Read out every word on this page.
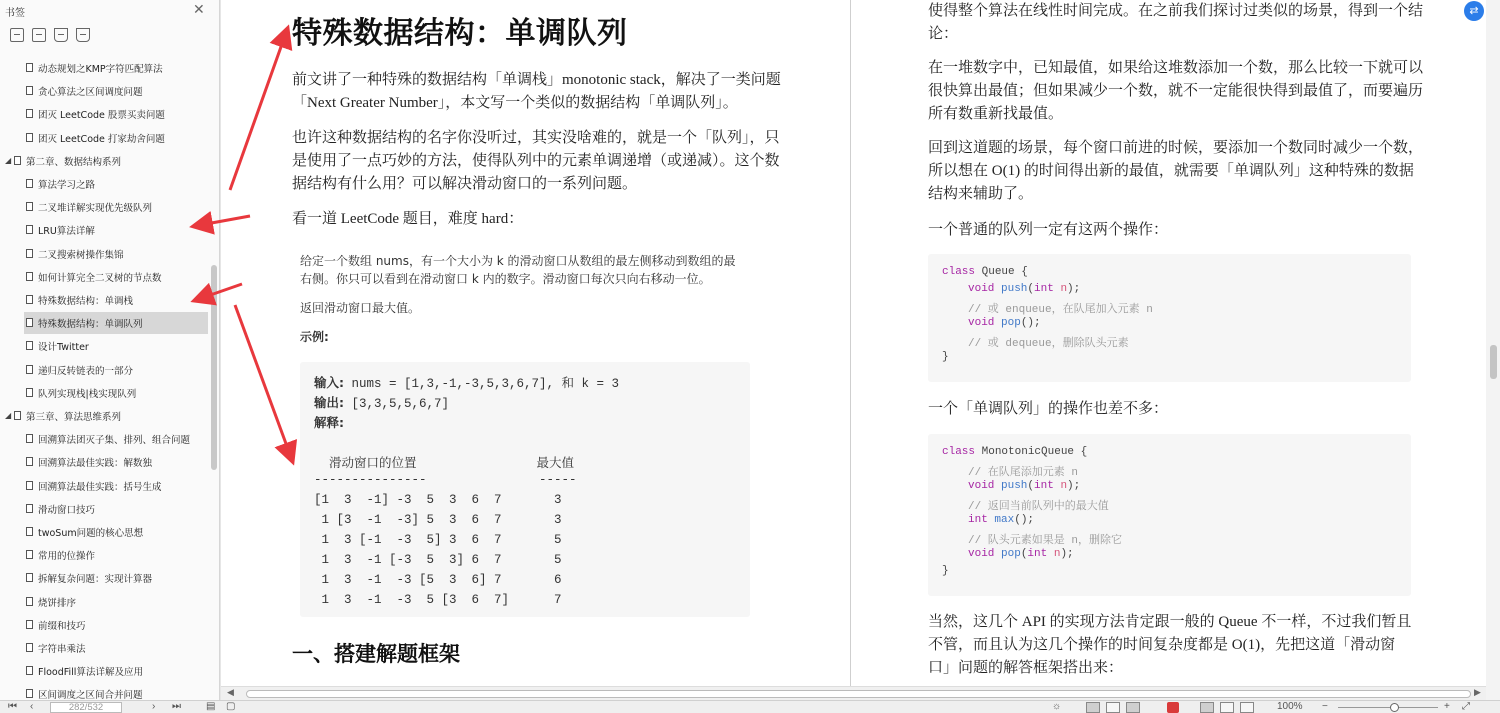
书签	✕
动态规划之KMP字符匹配算法
贪心算法之区间调度问题
团灭 LeetCode 股票买卖问题
团灭 LeetCode 打家劫舍问题
◢ 第二章、数据结构系列
算法学习之路
二叉堆详解实现优先级队列
LRU算法详解
二叉搜索树操作集锦
如何计算完全二叉树的节点数
特殊数据结构：单调栈
特殊数据结构：单调队列
设计Twitter
递归反转链表的一部分
队列实现栈|栈实现队列
◢ 第三章、算法思维系列
回溯算法团灭子集、排列、组合问题
回溯算法最佳实践：解数独
回溯算法最佳实践：括号生成
滑动窗口技巧
twoSum问题的核心思想
常用的位操作
拆解复杂问题：实现计算器
烧饼排序
前缀和技巧
字符串乘法
FloodFill算法详解及应用
区间调度之区间合并问题
特殊数据结构：单调队列
前文讲了一种特殊的数据结构「单调栈」monotonic stack，解决了一类问题
「Next Greater Number」，本文写一个类似的数据结构「单调队列」。
也许这种数据结构的名字你没听过，其实没啥难的，就是一个「队列」，只
是使用了一点巧妙的方法，使得队列中的元素单调递增（或递减）。这个数
据结构有什么用？可以解决滑动窗口的一系列问题。
看一道 LeetCode 题目，难度 hard：
给定一个数组 nums，有一个大小为 k 的滑动窗口从数组的最左侧移动到数组的最
右侧。你只可以看到在滑动窗口 k 内的数字。滑动窗口每次只向右移动一位。
返回滑动窗口最大值。
示例:
输入: nums = [1,3,-1,-3,5,3,6,7], 和 k = 3
输出: [3,3,5,5,6,7]
解释:
滑动窗口的位置                最大值
---------------               -----
[1  3  -1] -3  5  3  6  7       3
1 [3  -1  -3] 5  3  6  7       3
1  3 [-1  -3  5] 3  6  7       5
1  3  -1 [-3  5  3] 6  7       5
1  3  -1  -3 [5  3  6] 7       6
1  3  -1  -3  5 [3  6  7]      7
一、搭建解题框架
使得整个算法在线性时间完成。在之前我们探讨过类似的场景，得到一个结
论：
在一堆数字中，已知最值，如果给这堆数添加一个数，那么比较一下就可以
很快算出最值；但如果减少一个数，就不一定能很快得到最值了，而要遍历
所有数重新找最值。
回到这道题的场景，每个窗口前进的时候，要添加一个数同时减少一个数，
所以想在 O(1) 的时间得出新的最值，就需要「单调队列」这种特殊的数据
结构来辅助了。
一个普通的队列一定有这两个操作：
class Queue {
void push(int n);
// 或 enqueue，在队尾加入元素 n
void pop();
// 或 dequeue，删除队头元素
}
一个「单调队列」的操作也差不多：
class MonotonicQueue {
// 在队尾添加元素 n
void push(int n);
// 返回当前队列中的最大值
int max();
// 队头元素如果是 n，删除它
void pop(int n);
}
当然，这几个 API 的实现方法肯定跟一般的 Queue 不一样，不过我们暂且
不管，而且认为这几个操作的时间复杂度都是 O(1)，先把这道「滑动窗
口」问题的解答框架搭出来：
◀	▶
⇄
⏮ ‹	282/532	› ⏭	▤ ▢	☼	100% −	+ ⤢
